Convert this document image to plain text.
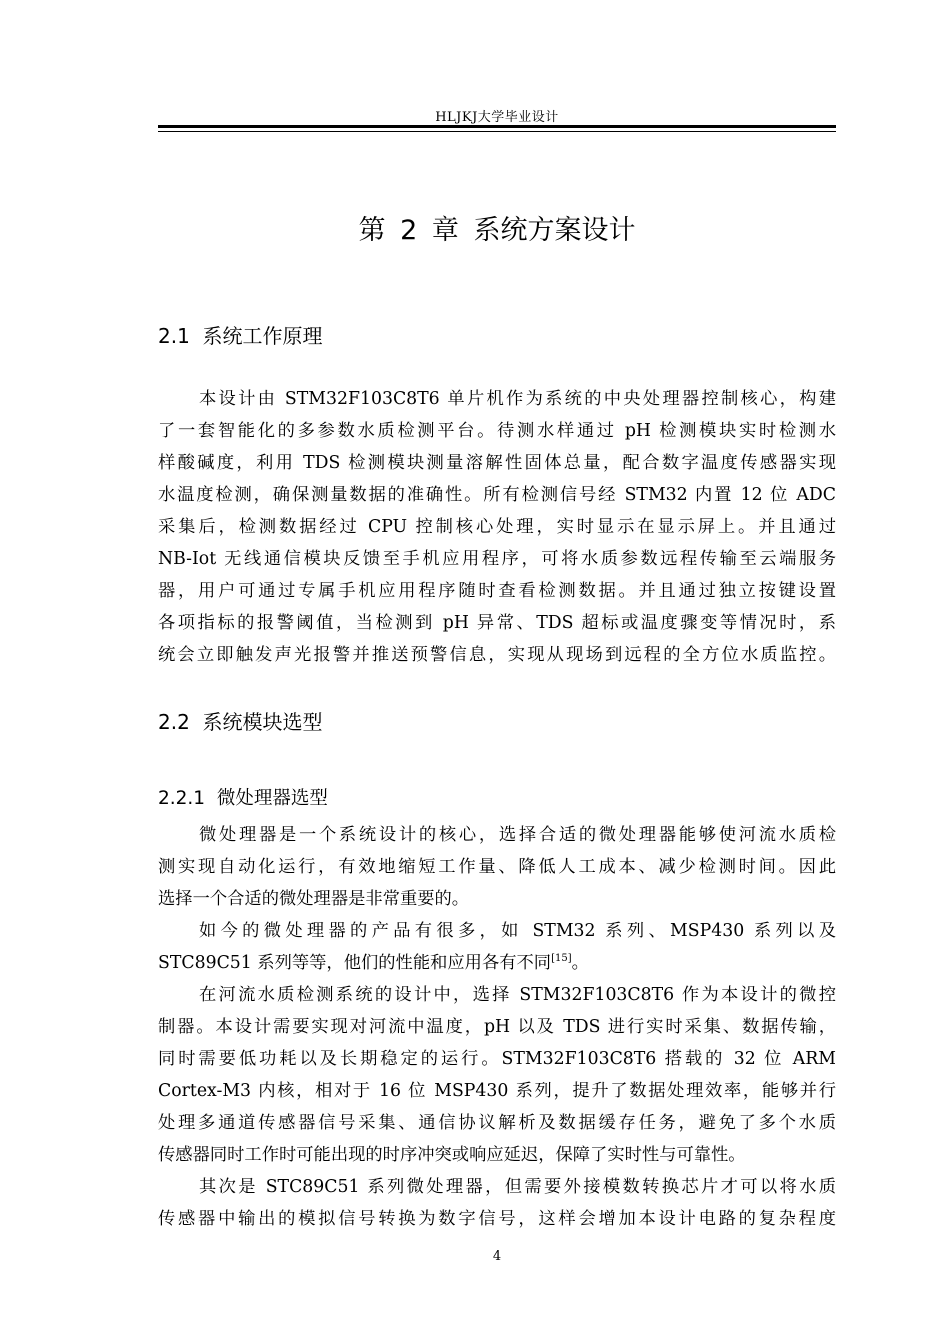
HLJKJ大学毕业设计
第 2 章 系统方案设计
2.1  系统工作原理
本设计由 STM32F103C8T6 单片机作为系统的中央处理器控制核心，构建
了一套智能化的多参数水质检测平台。待测水样通过 pH 检测模块实时检测水
样酸碱度，利用 TDS 检测模块测量溶解性固体总量，配合数字温度传感器实现
水温度检测，确保测量数据的准确性。所有检测信号经 STM32 内置 12 位 ADC
采集后，检测数据经过 CPU 控制核心处理，实时显示在显示屏上。并且通过
NB-Iot 无线通信模块反馈至手机应用程序，可将水质参数远程传输至云端服务
器，用户可通过专属手机应用程序随时查看检测数据。并且通过独立按键设置
各项指标的报警阈值，当检测到 pH 异常、TDS 超标或温度骤变等情况时，系
统会立即触发声光报警并推送预警信息，实现从现场到远程的全方位水质监控。
2.2  系统模块选型
2.2.1  微处理器选型
微处理器是一个系统设计的核心，选择合适的微处理器能够使河流水质检
测实现自动化运行，有效地缩短工作量、降低人工成本、减少检测时间。因此
选择一个合适的微处理器是非常重要的。
如今的微处理器的产品有很多，如 STM32 系列、MSP430 系列以及
STC89C51 系列等等，他们的性能和应用各有不同[15]。
在河流水质检测系统的设计中，选择 STM32F103C8T6 作为本设计的微控
制器。本设计需要实现对河流中温度，pH 以及 TDS 进行实时采集、数据传输，
同时需要低功耗以及长期稳定的运行。STM32F103C8T6 搭载的 32 位 ARM
Cortex-M3 内核，相对于 16 位 MSP430 系列，提升了数据处理效率，能够并行
处理多通道传感器信号采集、通信协议解析及数据缓存任务，避免了多个水质
传感器同时工作时可能出现的时序冲突或响应延迟，保障了实时性与可靠性。
其次是 STC89C51 系列微处理器，但需要外接模数转换芯片才可以将水质
传感器中输出的模拟信号转换为数字信号，这样会增加本设计电路的复杂程度
4
